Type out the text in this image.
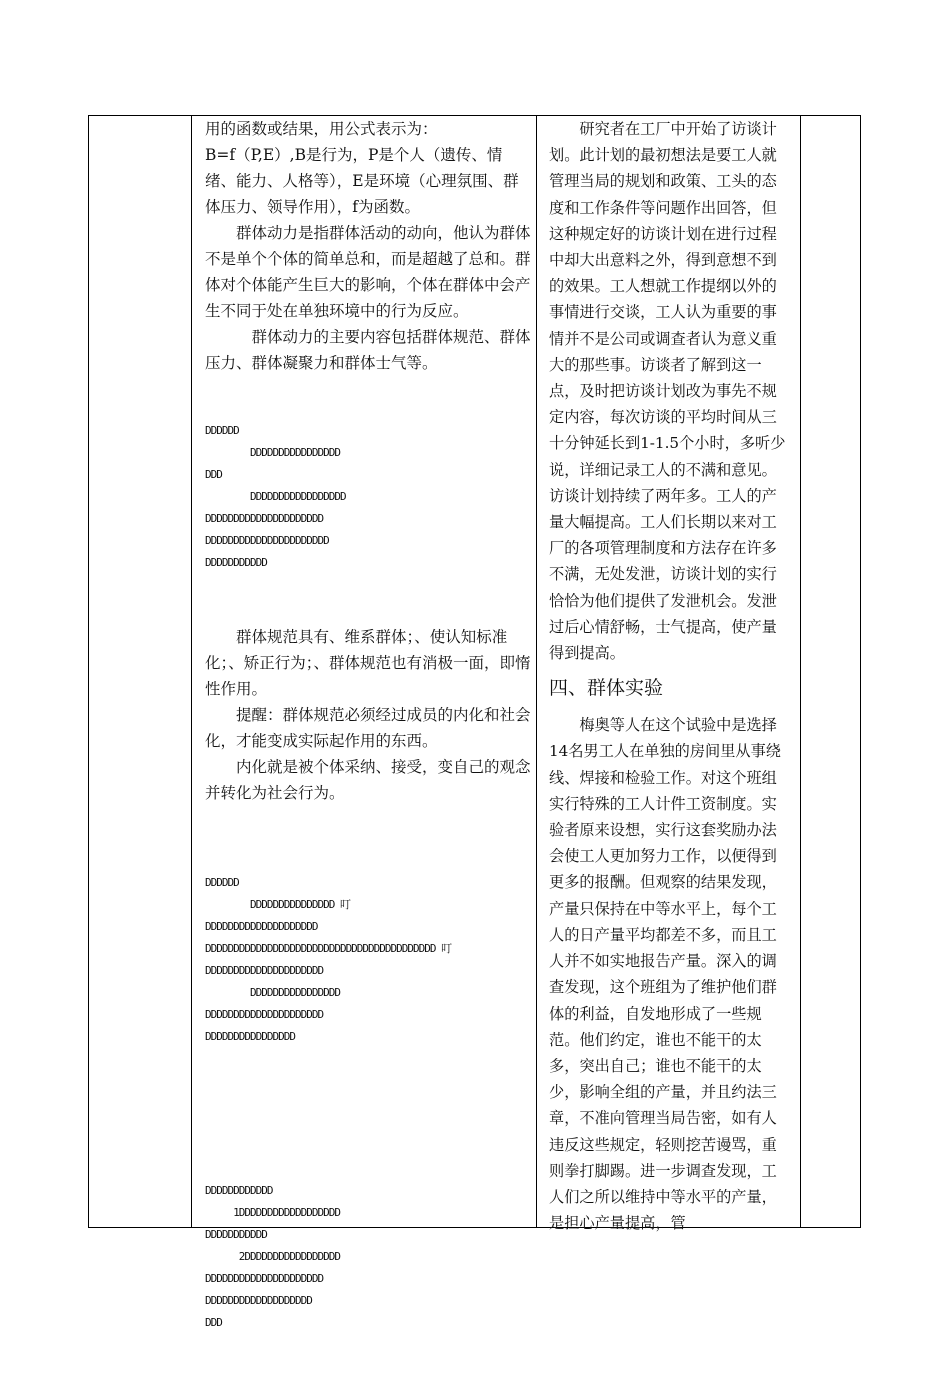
用的函数或结果，用公式表示为：

B=f（P,E）,B是行为，P是个人（遗传、情绪、能力、人格等），E是环境（心理氛围、群体压力、领导作用），f为函数。

群体动力是指群体活动的动向，他认为群体不是单个个体的简单总和，而是超越了总和。群体对个体能产生巨大的影响，个体在群体中会产生不同于处在单独环境中的行为反应。

群体动力的主要内容包括群体规范、群体压力、群体凝聚力和群体士气等。

DDDDDD
DDDDDDDDDDDDDDDD
DDD
DDDDDDDDDDDDDDDDD
DDDDDDDDDDDDDDDDDDDDD
DDDDDDDDDDDDDDDDDDDDDD
DDDDDDDDDDD

群体规范具有、维系群体；、使认知标准化；、矫正行为；、群体规范也有消极一面，即惰性作用。

提醒：群体规范必须经过成员的内化和社会化，才能变成实际起作用的东西。

内化就是被个体采纳、接受，变自己的观念并转化为社会行为。

DDDDDD
DDDDDDDDDDDDDDD 叮
DDDDDDDDDDDDDDDDDDDD
DDDDDDDDDDDDDDDDDDDDDDDDDDDDDDDDDDDDDDDDD 叮
DDDDDDDDDDDDDDDDDDDDD
DDDDDDDDDDDDDDDD
DDDDDDDDDDDDDDDDDDDDD
DDDDDDDDDDDDDDDD

DDDDDDDDDDDD
1DDDDDDDDDDDDDDDDDD
DDDDDDDDDDD
2DDDDDDDDDDDDDDDDD
DDDDDDDDDDDDDDDDDDDDD
DDDDDDDDDDDDDDDDDDD
DDD

研究者在工厂中开始了访谈计划。此计划的最初想法是要工人就管理当局的规划和政策、工头的态度和工作条件等问题作出回答，但这种规定好的访谈计划在进行过程中却大出意料之外，得到意想不到的效果。工人想就工作提纲以外的事情进行交谈，工人认为重要的事情并不是公司或调查者认为意义重大的那些事。访谈者了解到这一点，及时把访谈计划改为事先不规定内容，每次访谈的平均时间从三十分钟延长到1-1.5个小时，多听少说，详细记录工人的不满和意见。访谈计划持续了两年多。工人的产量大幅提高。工人们长期以来对工厂的各项管理制度和方法存在许多不满，无处发泄，访谈计划的实行恰恰为他们提供了发泄机会。发泄过后心情舒畅，士气提高，使产量得到提高。

四、群体实验

梅奥等人在这个试验中是选择14名男工人在单独的房间里从事绕线、焊接和检验工作。对这个班组实行特殊的工人计件工资制度。实验者原来设想，实行这套奖励办法会使工人更加努力工作，以便得到更多的报酬。但观察的结果发现，产量只保持在中等水平上，每个工人的日产量平均都差不多，而且工人并不如实地报告产量。深入的调查发现，这个班组为了维护他们群体的利益，自发地形成了一些规范。他们约定，谁也不能干的太多，突出自己；谁也不能干的太少，影响全组的产量，并且约法三章，不准向管理当局告密，如有人违反这些规定，轻则挖苦谩骂，重则拳打脚踢。进一步调查发现，工人们之所以维持中等水平的产量，是担心产量提高，管
